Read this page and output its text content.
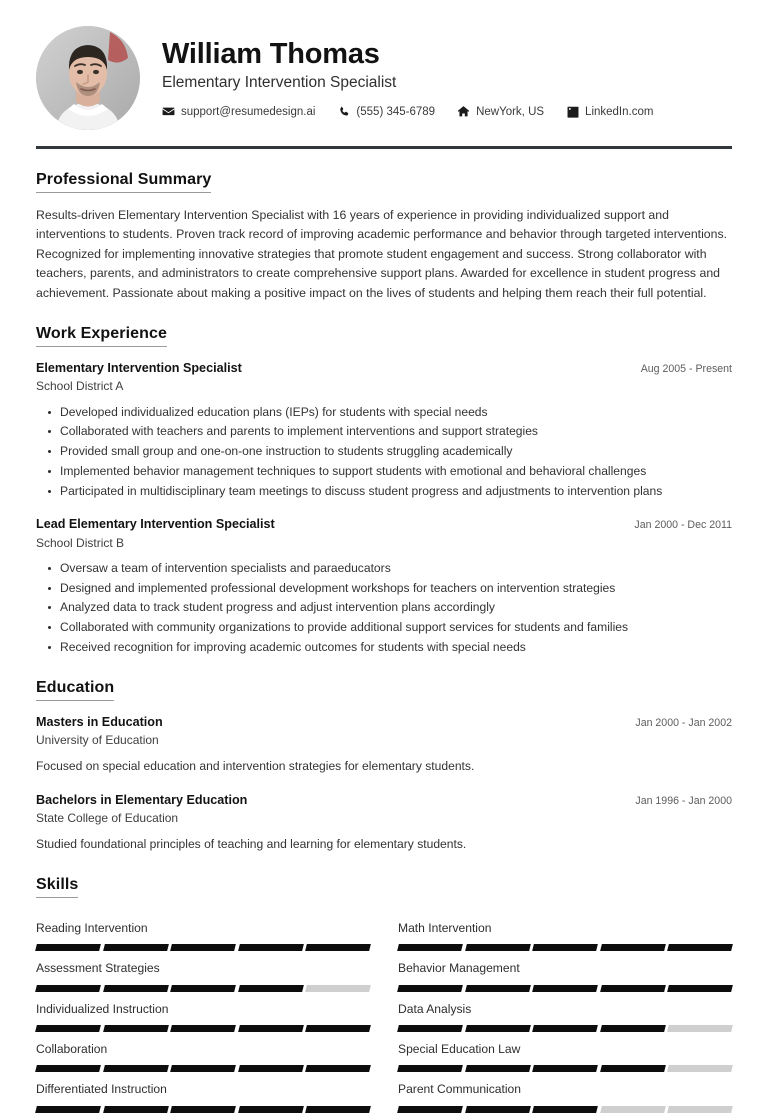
William Thomas
Elementary Intervention Specialist
support@resumedesign.ai	(555) 345-6789	NewYork, US	LinkedIn.com
Professional Summary
Results-driven Elementary Intervention Specialist with 16 years of experience in providing individualized support and interventions to students. Proven track record of improving academic performance and behavior through targeted interventions. Recognized for implementing innovative strategies that promote student engagement and success. Strong collaborator with teachers, parents, and administrators to create comprehensive support plans. Awarded for excellence in student progress and achievement. Passionate about making a positive impact on the lives of students and helping them reach their full potential.
Work Experience
Elementary Intervention Specialist	Aug 2005 - Present
School District A
Developed individualized education plans (IEPs) for students with special needs
Collaborated with teachers and parents to implement interventions and support strategies
Provided small group and one-on-one instruction to students struggling academically
Implemented behavior management techniques to support students with emotional and behavioral challenges
Participated in multidisciplinary team meetings to discuss student progress and adjustments to intervention plans
Lead Elementary Intervention Specialist	Jan 2000 - Dec 2011
School District B
Oversaw a team of intervention specialists and paraeducators
Designed and implemented professional development workshops for teachers on intervention strategies
Analyzed data to track student progress and adjust intervention plans accordingly
Collaborated with community organizations to provide additional support services for students and families
Received recognition for improving academic outcomes for students with special needs
Education
Masters in Education	Jan 2000 - Jan 2002
University of Education
Focused on special education and intervention strategies for elementary students.
Bachelors in Elementary Education	Jan 1996 - Jan 2000
State College of Education
Studied foundational principles of teaching and learning for elementary students.
Skills
Reading Intervention	Math Intervention
Assessment Strategies	Behavior Management
Individualized Instruction	Data Analysis
Collaboration	Special Education Law
Differentiated Instruction	Parent Communication
